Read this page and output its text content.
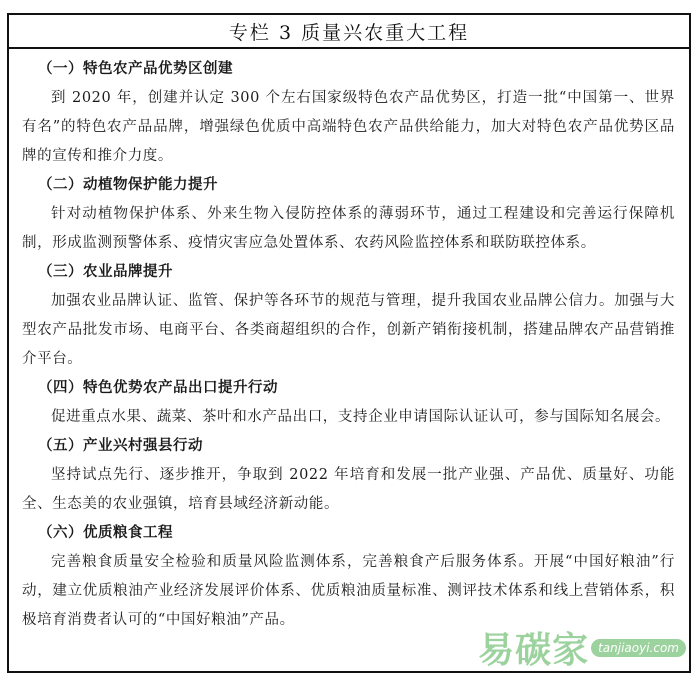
专栏 3 质量兴农重大工程
（一）特色农产品优势区创建
到 2020 年，创建并认定 300 个左右国家级特色农产品优势区，打造一批“中国第一、世界有名”的特色农产品品牌，增强绿色优质中高端特色农产品供给能力，加大对特色农产品优势区品牌的宣传和推介力度。
（二）动植物保护能力提升
针对动植物保护体系、外来生物入侵防控体系的薄弱环节，通过工程建设和完善运行保障机制，形成监测预警体系、疫情灾害应急处置体系、农药风险监控体系和联防联控体系。
（三）农业品牌提升
加强农业品牌认证、监管、保护等各环节的规范与管理，提升我国农业品牌公信力。加强与大型农产品批发市场、电商平台、各类商超组织的合作，创新产销衔接机制，搭建品牌农产品营销推介平台。
（四）特色优势农产品出口提升行动
促进重点水果、蔬菜、茶叶和水产品出口，支持企业申请国际认证认可，参与国际知名展会。
（五）产业兴村强县行动
坚持试点先行、逐步推开，争取到 2022 年培育和发展一批产业强、产品优、质量好、功能全、生态美的农业强镇，培育县域经济新动能。
（六）优质粮食工程
完善粮食质量安全检验和质量风险监测体系，完善粮食产后服务体系。开展“中国好粮油”行动，建立优质粮油产业经济发展评价体系、优质粮油质量标准、测评技术体系和线上营销体系，积极培育消费者认可的“中国好粮油”产品。
易碳家 tanjiaoyi.com
